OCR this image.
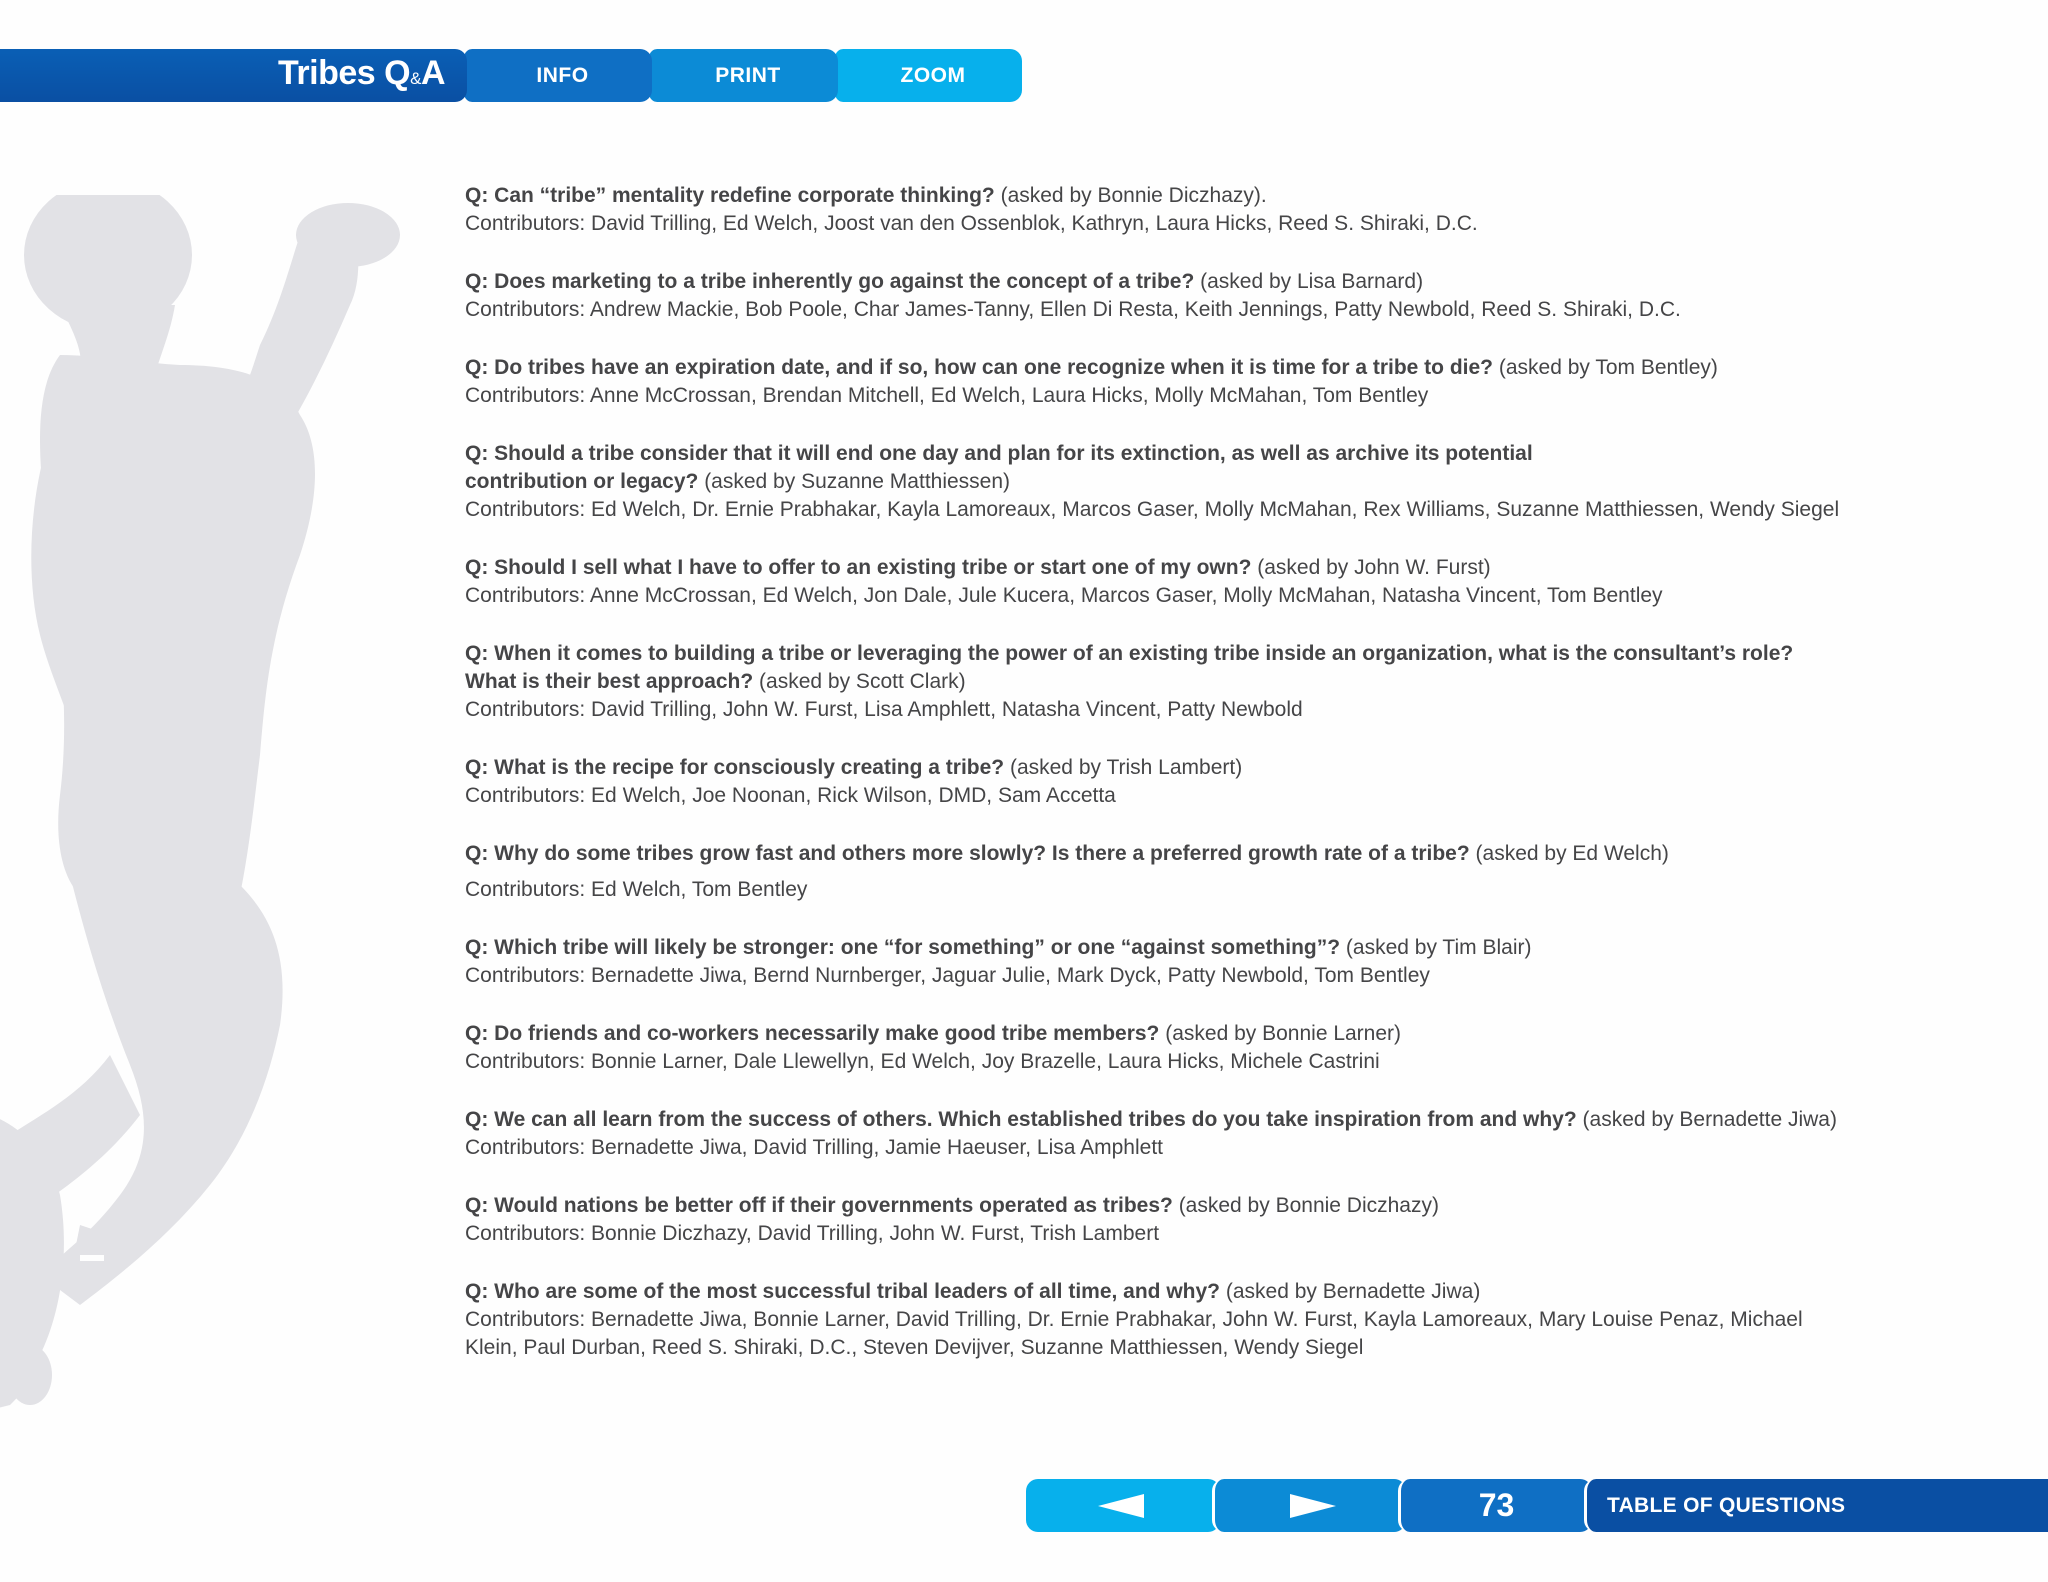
Tribes Q&A	INFO	PRINT	ZOOM
Q: Can “tribe” mentality redefine corporate thinking? (asked by Bonnie Diczhazy).
Contributors: David Trilling, Ed Welch, Joost van den Ossenblok, Kathryn, Laura Hicks, Reed S. Shiraki, D.C.
Q: Does marketing to a tribe inherently go against the concept of a tribe? (asked by Lisa Barnard)
Contributors: Andrew Mackie, Bob Poole, Char James-Tanny, Ellen Di Resta, Keith Jennings, Patty Newbold, Reed S. Shiraki, D.C.
Q: Do tribes have an expiration date, and if so, how can one recognize when it is time for a tribe to die? (asked by Tom Bentley)
Contributors: Anne McCrossan, Brendan Mitchell, Ed Welch, Laura Hicks, Molly McMahan, Tom Bentley
Q: Should a tribe consider that it will end one day and plan for its extinction, as well as archive its potential contribution or legacy? (asked by Suzanne Matthiessen)
Contributors: Ed Welch, Dr. Ernie Prabhakar, Kayla Lamoreaux, Marcos Gaser, Molly McMahan, Rex Williams, Suzanne Matthiessen, Wendy Siegel
Q: Should I sell what I have to offer to an existing tribe or start one of my own? (asked by John W. Furst)
Contributors: Anne McCrossan, Ed Welch, Jon Dale, Jule Kucera, Marcos Gaser, Molly McMahan, Natasha Vincent, Tom Bentley
Q: When it comes to building a tribe or leveraging the power of an existing tribe inside an organization, what is the consultant’s role? What is their best approach? (asked by Scott Clark)
Contributors: David Trilling, John W. Furst, Lisa Amphlett, Natasha Vincent, Patty Newbold
Q: What is the recipe for consciously creating a tribe? (asked by Trish Lambert)
Contributors: Ed Welch, Joe Noonan, Rick Wilson, DMD, Sam Accetta
Q: Why do some tribes grow fast and others more slowly? Is there a preferred growth rate of a tribe? (asked by Ed Welch)
Contributors: Ed Welch, Tom Bentley
Q: Which tribe will likely be stronger: one “for something” or one “against something”? (asked by Tim Blair)
Contributors: Bernadette Jiwa, Bernd Nurnberger, Jaguar Julie, Mark Dyck, Patty Newbold, Tom Bentley
Q: Do friends and co-workers necessarily make good tribe members? (asked by Bonnie Larner)
Contributors: Bonnie Larner, Dale Llewellyn, Ed Welch, Joy Brazelle, Laura Hicks, Michele Castrini
Q: We can all learn from the success of others. Which established tribes do you take inspiration from and why? (asked by Bernadette Jiwa)
Contributors: Bernadette Jiwa, David Trilling, Jamie Haeuser, Lisa Amphlett
Q: Would nations be better off if their governments operated as tribes? (asked by Bonnie Diczhazy)
Contributors: Bonnie Diczhazy, David Trilling, John W. Furst, Trish Lambert
Q: Who are some of the most successful tribal leaders of all time, and why? (asked by Bernadette Jiwa)
Contributors: Bernadette Jiwa, Bonnie Larner, David Trilling, Dr. Ernie Prabhakar, John W. Furst, Kayla Lamoreaux, Mary Louise Penaz, Michael Klein, Paul Durban, Reed S. Shiraki, D.C., Steven Devijver, Suzanne Matthiessen, Wendy Siegel
73	TABLE OF QUESTIONS
